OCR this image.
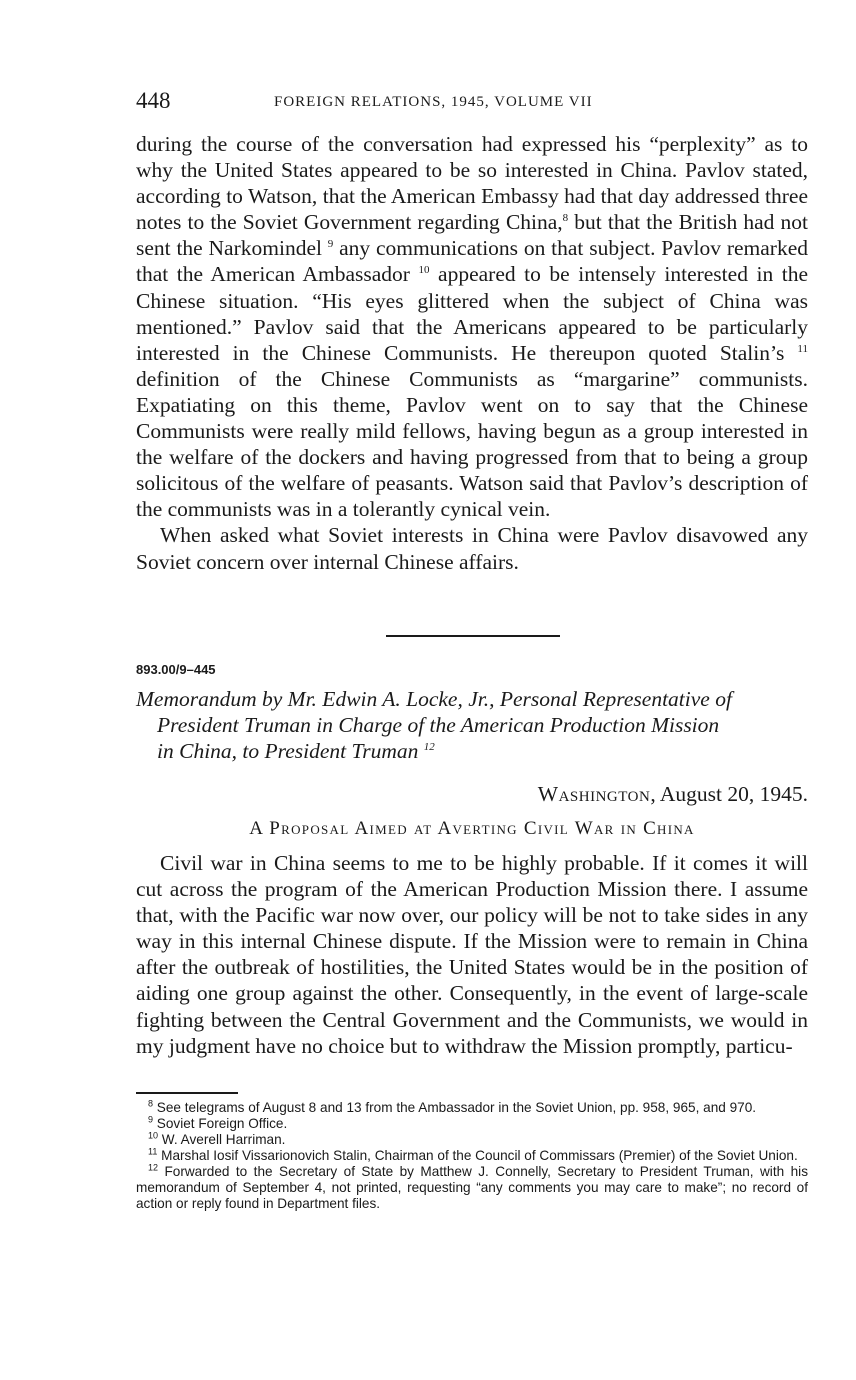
448	FOREIGN RELATIONS, 1945, VOLUME VII

during the course of the conversation had expressed his “perplexity” as to why the United States appeared to be so interested in China. Pavlov stated, according to Watson, that the American Embassy had that day addressed three notes to the Soviet Government regarding China,$^8$ but that the British had not sent the Narkomindel $^9$ any communications on that subject. Pavlov remarked that the American Ambassador $^{10}$ appeared to be intensely interested in the Chinese situation. “His eyes glittered when the subject of China was mentioned.” Pavlov said that the Americans appeared to be particularly interested in the Chinese Communists. He thereupon quoted Stalin’s $^{11}$ definition of the Chinese Communists as “margarine” communists. Expatiating on this theme, Pavlov went on to say that the Chinese Communists were really mild fellows, having begun as a group interested in the welfare of the dockers and having progressed from that to being a group solicitous of the welfare of peasants. Watson said that Pavlov’s description of the communists was in a tolerantly cynical vein.

When asked what Soviet interests in China were Pavlov disavowed any Soviet concern over internal Chinese affairs.

893.00/9–445
Memorandum by Mr. Edwin A. Locke, Jr., Personal Representative of
President Truman in Charge of the American Production Mission
in China, to President Truman $^{12}$
Washington, August 20, 1945.
A Proposal Aimed at Averting Civil War in China

Civil war in China seems to me to be highly probable. If it comes it will cut across the program of the American Production Mission there. I assume that, with the Pacific war now over, our policy will be not to take sides in any way in this internal Chinese dispute. If the Mission were to remain in China after the outbreak of hostilities, the United States would be in the position of aiding one group against the other. Consequently, in the event of large-scale fighting between the Central Government and the Communists, we would in my judgment have no choice but to withdraw the Mission promptly, particu-

$^8$ See telegrams of August 8 and 13 from the Ambassador in the Soviet Union, pp. 958, 965, and 970.

$^9$ Soviet Foreign Office.

$^{10}$ W. Averell Harriman.

$^{11}$ Marshal Iosif Vissarionovich Stalin, Chairman of the Council of Commissars (Premier) of the Soviet Union.

$^{12}$ Forwarded to the Secretary of State by Matthew J. Connelly, Secretary to President Truman, with his memorandum of September 4, not printed, requesting “any comments you may care to make”; no record of action or reply found in Department files.
